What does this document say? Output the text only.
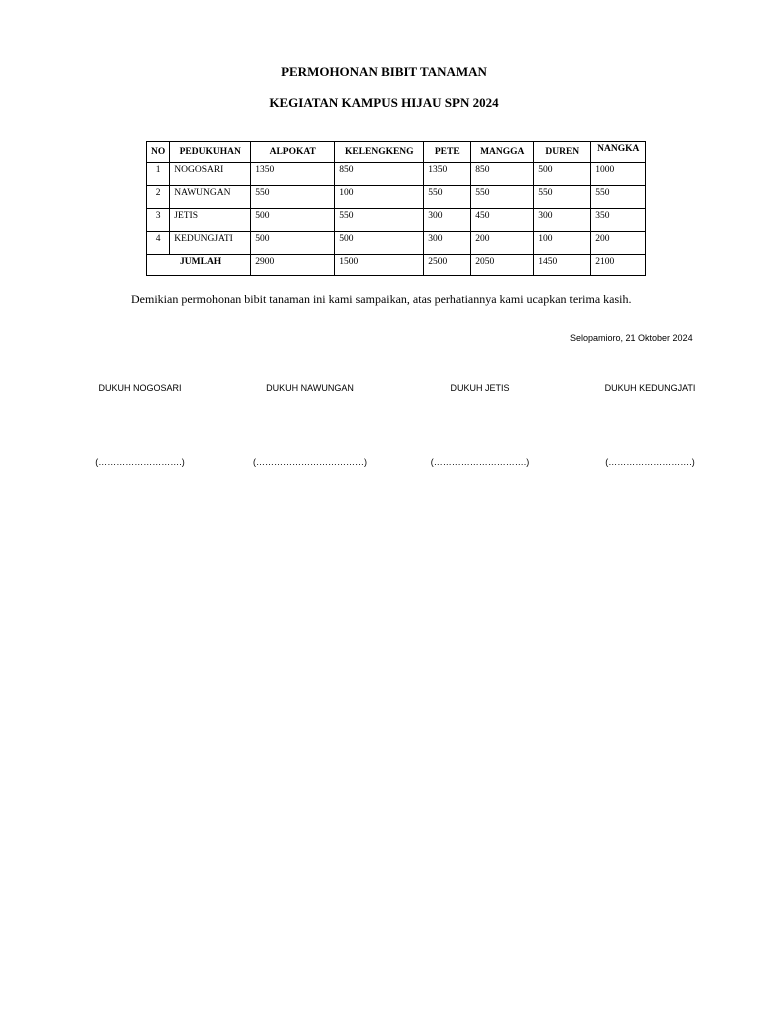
PERMOHONAN BIBIT TANAMAN
KEGIATAN KAMPUS HIJAU SPN 2024
NO	PEDUKUHAN	ALPOKAT	KELENGKENG	PETE	MANGGA	DUREN	NANGKA
1	NOGOSARI	1350	850	1350	850	500	1000
2	NAWUNGAN	550	100	550	550	550	550
3	JETIS	500	550	300	450	300	350
4	KEDUNGJATI	500	500	300	200	100	200
JUMLAH		2900	1500	2500	2050	1450	2100
Demikian permohonan bibit tanaman ini kami sampaikan, atas perhatiannya kami ucapkan terima kasih.
Selopamioro, 21 Oktober 2024
DUKUH NOGOSARI	DUKUH NAWUNGAN	DUKUH JETIS	DUKUH KEDUNGJATI
(……………………….)	(………………………………)	(………………………….)	(……………………….)
